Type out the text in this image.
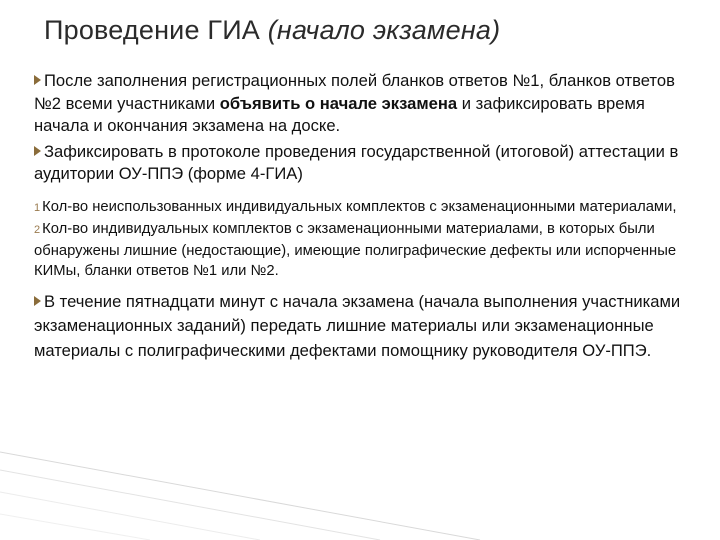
Проведение ГИА (начало экзамена)

После заполнения регистрационных полей бланков ответов №1, бланков ответов №2 всеми участниками объявить о начале экзамена и зафиксировать время начала и окончания экзамена на доске.

Зафиксировать в протоколе проведения государственной (итоговой) аттестации в аудитории ОУ-ППЭ (форме 4-ГИА)

1 Кол-во неиспользованных индивидуальных комплектов с экзаменационными материалами,

2 Кол-во индивидуальных комплектов с экзаменационными материалами, в которых были обнаружены лишние (недостающие), имеющие полиграфические дефекты или испорченные КИМы, бланки ответов №1 или №2.

В течение пятнадцати минут с начала экзамена (начала выполнения участниками экзаменационных заданий) передать лишние материалы или экзаменационные материалы с полиграфическими дефектами помощнику руководителя ОУ-ППЭ.
